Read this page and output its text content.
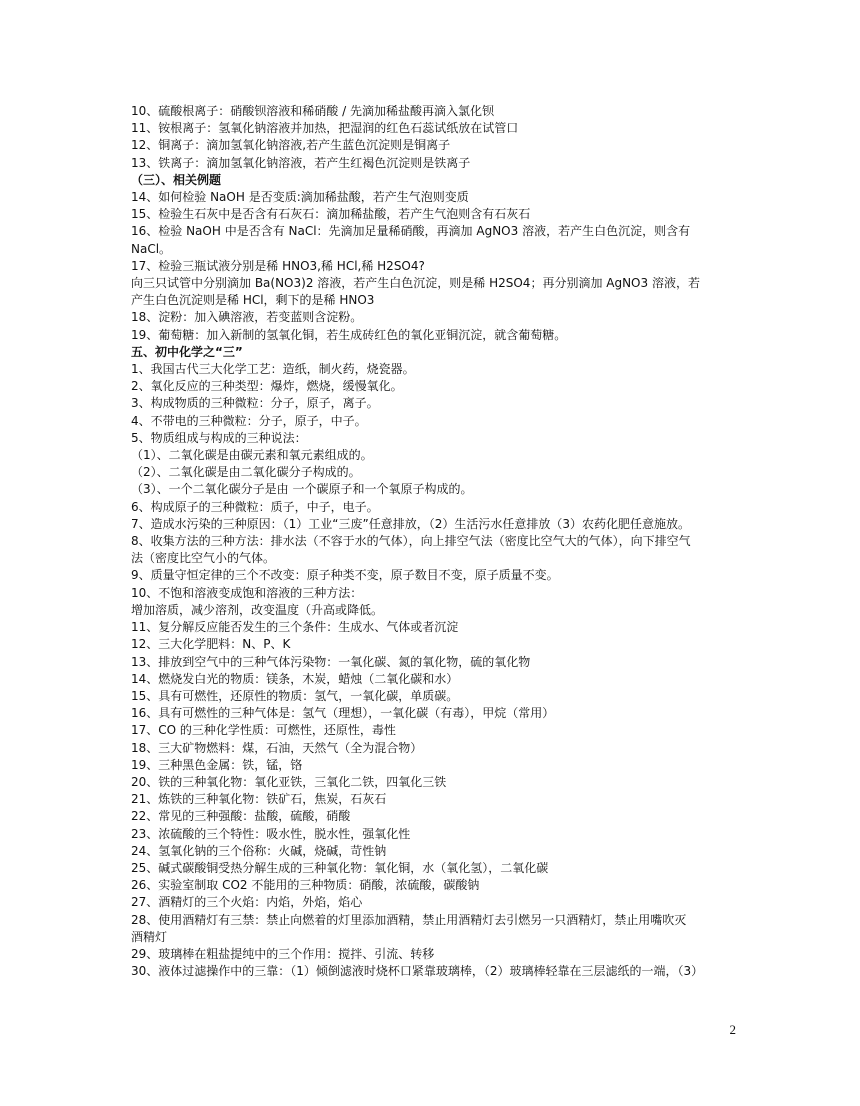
10、硫酸根离子：硝酸钡溶液和稀硝酸 / 先滴加稀盐酸再滴入氯化钡
11、铵根离子：氢氧化钠溶液并加热，把湿润的红色石蕊试纸放在试管口
12、铜离子：滴加氢氧化钠溶液,若产生蓝色沉淀则是铜离子
13、铁离子：滴加氢氧化钠溶液，若产生红褐色沉淀则是铁离子
（三）、相关例题
14、如何检验 NaOH 是否变质:滴加稀盐酸，若产生气泡则变质
15、检验生石灰中是否含有石灰石：滴加稀盐酸，若产生气泡则含有石灰石
16、检验 NaOH 中是否含有 NaCl：先滴加足量稀硝酸，再滴加 AgNO3 溶液，若产生白色沉淀，则含有
NaCl。
17、检验三瓶试液分别是稀 HNO3,稀 HCl,稀 H2SO4?
向三只试管中分别滴加 Ba(NO3)2 溶液，若产生白色沉淀，则是稀 H2SO4；再分别滴加 AgNO3 溶液，若
产生白色沉淀则是稀 HCl，剩下的是稀 HNO3
18、淀粉：加入碘溶液，若变蓝则含淀粉。
19、葡萄糖：加入新制的氢氧化铜，若生成砖红色的氧化亚铜沉淀，就含葡萄糖。
五、初中化学之“三”
1、我国古代三大化学工艺：造纸，制火药，烧瓷器。
2、氧化反应的三种类型：爆炸，燃烧，缓慢氧化。
3、构成物质的三种微粒：分子，原子，离子。
4、不带电的三种微粒：分子，原子，中子。
5、物质组成与构成的三种说法：
（1）、二氧化碳是由碳元素和氧元素组成的。
（2）、二氧化碳是由二氧化碳分子构成的。
（3）、一个二氧化碳分子是由 一个碳原子和一个氧原子构成的。
6、构成原子的三种微粒：质子，中子，电子。
7、造成水污染的三种原因：（1）工业“三废”任意排放，（2）生活污水任意排放（3）农药化肥任意施放。
8、收集方法的三种方法：排水法（不容于水的气体），向上排空气法（密度比空气大的气体），向下排空气
法（密度比空气小的气体。
9、质量守恒定律的三个不改变：原子种类不变，原子数目不变，原子质量不变。
10、不饱和溶液变成饱和溶液的三种方法：
增加溶质，减少溶剂，改变温度（升高或降低。
11、复分解反应能否发生的三个条件：生成水、气体或者沉淀
12、三大化学肥料：N、P、K
13、排放到空气中的三种气体污染物：一氧化碳、氮的氧化物，硫的氧化物
14、燃烧发白光的物质：镁条，木炭，蜡烛（二氧化碳和水）
15、具有可燃性，还原性的物质：氢气，一氧化碳，单质碳。
16、具有可燃性的三种气体是：氢气（理想），一氧化碳（有毒），甲烷（常用）
17、CO 的三种化学性质：可燃性，还原性，毒性
18、三大矿物燃料：煤，石油，天然气（全为混合物）
19、三种黑色金属：铁，锰，铬
20、铁的三种氧化物：氧化亚铁，三氧化二铁，四氧化三铁
21、炼铁的三种氧化物：铁矿石，焦炭，石灰石
22、常见的三种强酸：盐酸，硫酸，硝酸
23、浓硫酸的三个特性：吸水性，脱水性，强氧化性
24、氢氧化钠的三个俗称：火碱，烧碱，苛性钠
25、碱式碳酸铜受热分解生成的三种氧化物：氧化铜，水（氧化氢），二氧化碳
26、实验室制取 CO2 不能用的三种物质：硝酸，浓硫酸，碳酸钠
27、酒精灯的三个火焰：内焰，外焰，焰心
28、使用酒精灯有三禁：禁止向燃着的灯里添加酒精，禁止用酒精灯去引燃另一只酒精灯，禁止用嘴吹灭
酒精灯
29、玻璃棒在粗盐提纯中的三个作用：搅拌、引流、转移
30、液体过滤操作中的三靠：（1）倾倒滤液时烧杯口紧靠玻璃棒，（2）玻璃棒轻靠在三层滤纸的一端，（3）
2
